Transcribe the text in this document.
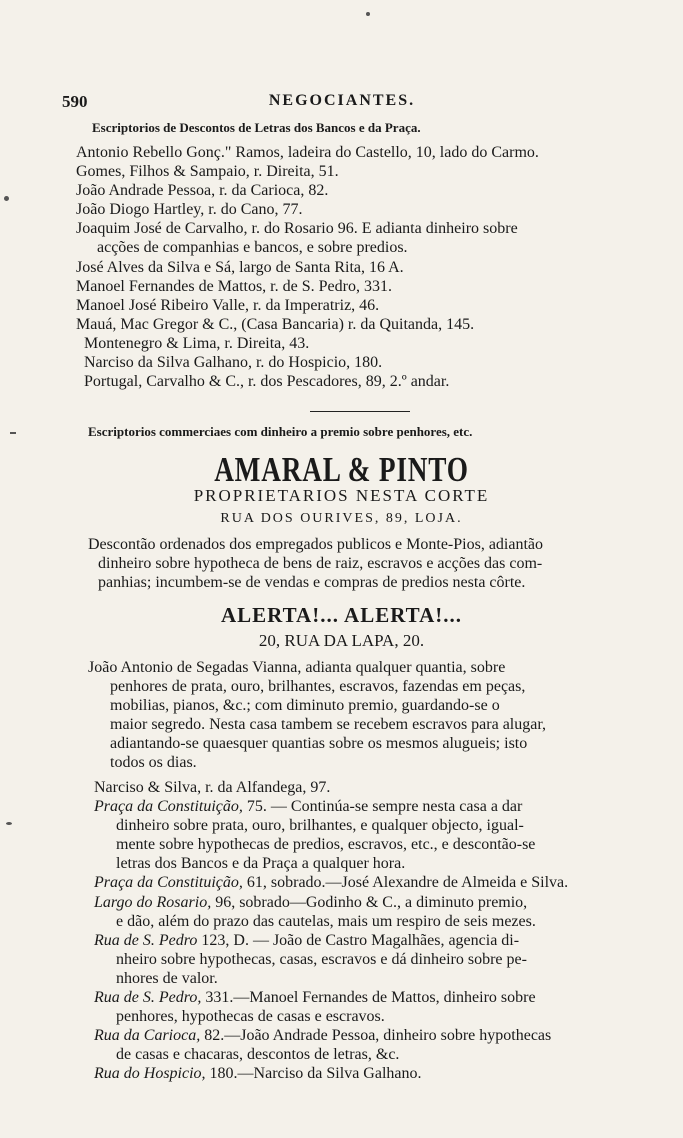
590	NEGOCIANTES.
Escriptorios de Descontos de Letras dos Bancos e da Praça.
Antonio Rebello Gonç." Ramos, ladeira do Castello, 10, lado do Carmo.
Gomes, Filhos & Sampaio, r. Direita, 51.
João Andrade Pessoa, r. da Carioca, 82.
João Diogo Hartley, r. do Cano, 77.
Joaquim José de Carvalho, r. do Rosario 96. E adianta dinheiro sobre
acções de companhias e bancos, e sobre predios.
José Alves da Silva e Sá, largo de Santa Rita, 16 A.
Manoel Fernandes de Mattos, r. de S. Pedro, 331.
Manoel José Ribeiro Valle, r. da Imperatriz, 46.
Mauá, Mac Gregor & C., (Casa Bancaria) r. da Quitanda, 145.
Montenegro & Lima, r. Direita, 43.
Narciso da Silva Galhano, r. do Hospicio, 180.
Portugal, Carvalho & C., r. dos Pescadores, 89, 2.º andar.
Escriptorios commerciaes com dinheiro a premio sobre penhores, etc.
AMARAL & PINTO
PROPRIETARIOS NESTA CORTE
RUA DOS OURIVES, 89, LOJA.
Descontão ordenados dos empregados publicos e Monte-Pios, adiantão
dinheiro sobre hypotheca de bens de raiz, escravos e acções das com-
panhias; incumbem-se de vendas e compras de predios nesta côrte.
ALERTA!... ALERTA!...
20, RUA DA LAPA, 20.
João Antonio de Segadas Vianna, adianta qualquer quantia, sobre
penhores de prata, ouro, brilhantes, escravos, fazendas em peças,
mobilias, pianos, &c.; com diminuto premio, guardando-se o
maior segredo. Nesta casa tambem se recebem escravos para alugar,
adiantando-se quaesquer quantias sobre os mesmos alugueis; isto
todos os dias.
Narciso & Silva, r. da Alfandega, 97.
Praça da Constituição, 75. — Continúa-se sempre nesta casa a dar
dinheiro sobre prata, ouro, brilhantes, e qualquer objecto, igual-
mente sobre hypothecas de predios, escravos, etc., e descontão-se
letras dos Bancos e da Praça a qualquer hora.
Praça da Constituição, 61, sobrado.—José Alexandre de Almeida e Silva.
Largo do Rosario, 96, sobrado—Godinho & C., a diminuto premio,
e dão, além do prazo das cautelas, mais um respiro de seis mezes.
Rua de S. Pedro 123, D. — João de Castro Magalhães, agencia di-
nheiro sobre hypothecas, casas, escravos e dá dinheiro sobre pe-
nhores de valor.
Rua de S. Pedro, 331.—Manoel Fernandes de Mattos, dinheiro sobre
penhores, hypothecas de casas e escravos.
Rua da Carioca, 82.—João Andrade Pessoa, dinheiro sobre hypothecas
de casas e chacaras, descontos de letras, &c.
Rua do Hospicio, 180.—Narciso da Silva Galhano.
